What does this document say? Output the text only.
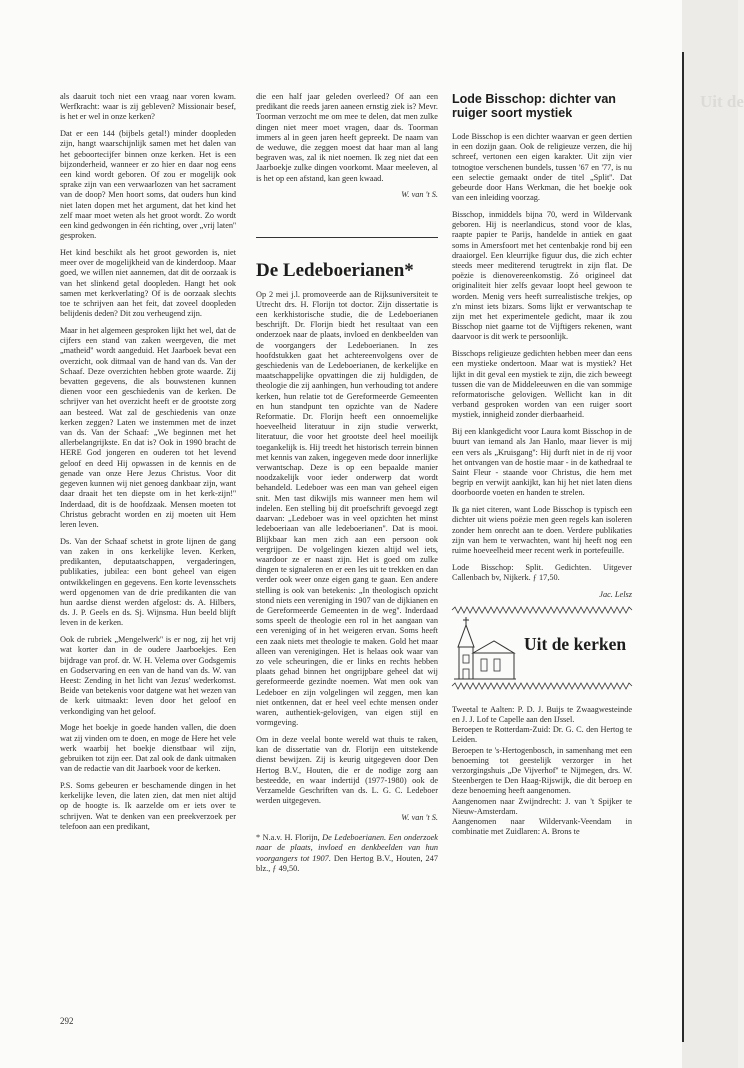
als daaruit toch niet een vraag naar voren kwam. Werfkracht: waar is zij gebleven? Missionair besef, is het er wel in onze kerken?

Dat er een 144 (bijbels getal!) minder doopleden zijn, hangt waarschijnlijk samen met het dalen van het geboortecijfer binnen onze kerken. Het is een bijzonderheid, wanneer er zo hier en daar nog eens een kind wordt geboren. Of zou er mogelijk ook sprake zijn van een verwaarlozen van het sacrament van de doop? Men hoort soms, dat ouders hun kind niet laten dopen met het argument, dat het kind het zelf maar moet weten als het groot wordt. Zo wordt een kind gedwongen in één richting, over „vrij laten'' gesproken.

Het kind beschikt als het groot geworden is, niet meer over de mogelijkheid van de kinderdoop. Maar goed, we willen niet aannemen, dat dit de oorzaak is van het slinkend getal doopleden. Hangt het ook samen met kerkverlating? Of is de oorzaak slechts toe te schrijven aan het feit, dat zoveel doopleden belijdenis deden? Dit zou verheugend zijn.

Maar in het algemeen gesproken lijkt het wel, dat de cijfers een stand van zaken weergeven, die met „matheid'' wordt aangeduid. Het Jaarboek bevat een overzicht, ook ditmaal van de hand van ds. Van der Schaaf. Deze overzichten hebben grote waarde. Zij bevatten gegevens, die als bouwstenen kunnen dienen voor een geschiedenis van de kerken. De schrijver van het overzicht heeft er de grootste zorg aan besteed. Wat zal de geschiedenis van onze kerken zeggen? Laten we instemmen met de inzet van ds. Van der Schaaf: „We beginnen met het allerbelangrijkste. En dat is? Ook in 1990 bracht de HERE God jongeren en ouderen tot het levend geloof en deed Hij opwassen in de kennis en de genade van onze Here Jezus Christus. Voor dit gegeven kunnen wij niet genoeg dankbaar zijn, want daar draait het ten diepste om in het kerk-zijn!'' Inderdaad, dit is de hoofdzaak. Mensen moeten tot Christus gebracht worden en zij moeten uit Hem leren leven.

Ds. Van der Schaaf schetst in grote lijnen de gang van zaken in ons kerkelijke leven. Kerken, predikanten, deputaatschappen, vergaderingen, publikaties, jubilea: een bont geheel van eigen ontwikkelingen en gegevens. Een korte levensschets werd opgenomen van de drie predikanten die van hun aardse dienst werden afgelost: ds. A. Hilbers, ds. J. P. Geels en ds. Sj. Wijnsma. Hun beeld blijft leven in de kerken.

Ook de rubriek „Mengelwerk'' is er nog, zij het vrij wat korter dan in de oudere Jaarboekjes. Een bijdrage van prof. dr. W. H. Velema over Godsgemis en Godservaring en een van de hand van ds. W. van Heest: Zending in het licht van Jezus' wederkomst. Beide van betekenis voor datgene wat het wezen van de kerk uitmaakt: leven door het geloof en verkondiging van het geloof.

Moge het boekje in goede handen vallen, die doen wat zij vinden om te doen, en moge de Here het vele werk waarbij het boekje dienstbaar wil zijn, gebruiken tot zijn eer. Dat zal ook de dank uitmaken van de redactie van dit Jaarboek voor de kerken.

P.S. Soms gebeuren er beschamende dingen in het kerkelijke leven, die laten zien, dat men niet altijd op de hoogte is. Ik aarzelde om er iets over te schrijven. Wat te denken van een preekverzoek per telefoon aan een predikant,

die een half jaar geleden overleed? Of aan een predikant die reeds jaren aaneen ernstig ziek is? Mevr. Toorman verzocht me om mee te delen, dat men zulke dingen niet meer moet vragen, daar ds. Toorman immers al in geen jaren heeft gepreekt. De naam van de weduwe, die zeggen moest dat haar man al lang begraven was, zal ik niet noemen. Ik zeg niet dat een Jaarboekje zulke dingen voorkomt. Maar meeleven, al is het op een afstand, kan geen kwaad.

W. van 't S.

De Ledeboerianen*

Op 2 mei j.l. promoveerde aan de Rijksuniversiteit te Utrecht drs. H. Florijn tot doctor. Zijn dissertatie is een kerkhistorische studie, die de Ledeboerianen beschrijft. Dr. Florijn biedt het resultaat van een onderzoek naar de plaats, invloed en denkbeelden van de voorgangers der Ledeboerianen. In zes hoofdstukken gaat het achtereenvolgens over de geschiedenis van de Ledeboerianen, de kerkelijke en maatschappelijke opvattingen die zij huldigden, de theologie die zij aanhingen, hun verhouding tot andere kerken, hun relatie tot de Gereformeerde Gemeenten en hun standpunt ten opzichte van de Nadere Reformatie. Dr. Florijn heeft een onnoemelijke hoeveelheid literatuur in zijn studie verwerkt, literatuur, die voor het grootste deel heel moeilijk toegankelijk is. Hij treedt het historisch terrein binnen met kennis van zaken, ingegeven mede door innerlijke verwantschap. Deze is op een bepaalde manier noodzakelijk voor ieder onderwerp dat wordt behandeld. Ledeboer was een man van geheel eigen snit. Men tast dikwijls mis wanneer men hem wil indelen. Een stelling bij dit proefschrift gevoegd zegt daarvan: „Ledeboer was in veel opzichten het minst ledeboeriaan van alle ledeboerianen''. Dat is mooi. Blijkbaar kan men zich aan een persoon ook vergrijpen. De volgelingen kiezen altijd wel iets, waardoor ze er naast zijn. Het is goed om zulke dingen te signaleren en er een les uit te trekken en dan verder ook weer onze eigen gang te gaan. Een andere stelling is ook van betekenis: „In theologisch opzicht stond niets een vereniging in 1907 van de dijkianen en de Gereformeerde Gemeenten in de weg''. Inderdaad soms speelt de theologie een rol in het aangaan van een vereniging of in het weigeren ervan. Soms heeft een zaak niets met theologie te maken. Gold het maar alleen van verenigingen. Het is helaas ook waar van zo vele scheuringen, die er links en rechts hebben plaats gehad binnen het ongrijpbare geheel dat wij gereformeerde gezindte noemen. Wat men ook van Ledeboer en zijn volgelingen wil zeggen, men kan niet ontkennen, dat er heel veel echte mensen onder waren, authentiek-gelovigen, van eigen stijl en vormgeving.

Om in deze veelal bonte wereld wat thuis te raken, kan de dissertatie van dr. Florijn een uitstekende dienst bewijzen. Zij is keurig uitgegeven door Den Hertog B.V., Houten, die er de nodige zorg aan besteedde, en waar indertijd (1977-1980) ook de Verzamelde Geschriften van ds. L. G. C. Ledeboer werden uitgegeven.

W. van 't S.

* N.a.v. H. Florijn, De Ledeboerianen. Een onderzoek naar de plaats, invloed en denkbeelden van hun voorgangers tot 1907. Den Hertog B.V., Houten, 247 blz., ƒ 49,50.

Lode Bisschop: dichter van ruiger soort mystiek

Lode Bisschop is een dichter waarvan er geen dertien in een dozijn gaan. Ook de religieuze verzen, die hij schreef, vertonen een eigen karakter. Uit zijn vier totnogtoe verschenen bundels, tussen '67 en '77, is nu een selectie gemaakt onder de titel „Split''. Dat gebeurde door Hans Werkman, die het boekje ook van een inleiding voorzag.

Bisschop, inmiddels bijna 70, werd in Wildervank geboren. Hij is neerlandicus, stond voor de klas, raapte papier te Parijs, handelde in antiek en gaat soms in Amersfoort met het centenbakje rond bij een draaiorgel. Een kleurrijke figuur dus, die zich echter steeds meer mediterend terugtrekt in zijn flat. De poëzie is dienovereenkomstig. Zó origineel dat originaliteit hier zelfs gevaar loopt heel gewoon te worden. Menig vers heeft surrealistische trekjes, op z'n minst iets bizars. Soms lijkt er verwantschap te zijn met het experimentele gedicht, maar ik zou Bisschop niet gaarne tot de Vijftigers rekenen, want daarvoor is dit werk te persoonlijk.

Bisschops religieuze gedichten hebben meer dan eens een mystieke ondertoon. Maar wat is mystiek? Het lijkt in dit geval een mystiek te zijn, die zich beweegt tussen die van de Middeleeuwen en die van sommige reformatorische gelovigen. Wellicht kan in dit verband gesproken worden van een ruiger soort mystiek, innigheid zonder dierbaarheid.

Bij een klankgedicht voor Laura komt Bisschop in de buurt van iemand als Jan Hanlo, maar liever is mij een vers als „Kruisgang'': Hij durft niet in de rij voor het ontvangen van de hostie maar - in de kathedraal te Saint Fleur - staande voor Christus, die hem met begrip en verwijt aankijkt, kan hij het niet laten diens doorboorde voeten en handen te strelen.

Ik ga niet citeren, want Lode Bisschop is typisch een dichter uit wiens poëzie men geen regels kan isoleren zonder hem onrecht aan te doen. Verdere publikaties zijn van hem te verwachten, want hij heeft nog een ruime hoeveelheid meer recent werk in portefeuille.

Lode Bisschop: Split. Gedichten. Uitgever Callenbach bv, Nijkerk. ƒ 17,50.

Jac. Lelsz

Uit de kerken

Tweetal te Aalten: P. D. J. Buijs te Zwaagwesteinde en J. J. Lof te Capelle aan den IJssel.

Beroepen te Rotterdam-Zuid: Dr. G. C. den Hertog te Leiden.

Beroepen te 's-Hertogenbosch, in samenhang met een benoeming tot geestelijk verzorger in het verzorgingshuis „De Vijverhof'' te Nijmegen, drs. W. Steenbergen te Den Haag-Rijswijk, die dit beroep en deze benoeming heeft aangenomen.

Aangenomen naar Zwijndrecht: J. van 't Spijker te Nieuw-Amsterdam.

Aangenomen naar Wildervank-Veendam in combinatie met Zuidlaren: A. Brons te

292
Uit de
